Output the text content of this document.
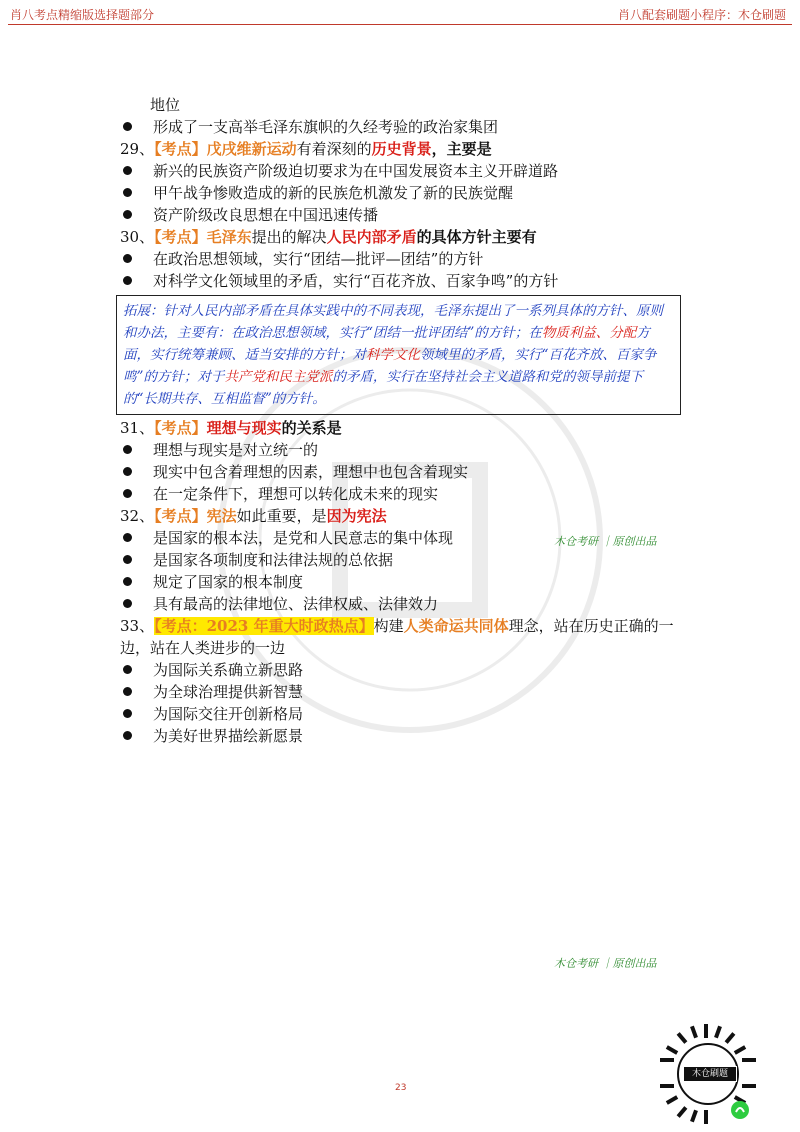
肖八考点精缩版选择题部分	肖八配套刷题小程序：木仓刷题
地位
形成了一支高举毛泽东旗帜的久经考验的政治家集团
29、【考点】戊戌维新运动有着深刻的历史背景，主要是
新兴的民族资产阶级迫切要求为在中国发展资本主义开辟道路
甲午战争惨败造成的新的民族危机激发了新的民族觉醒
资产阶级改良思想在中国迅速传播
30、【考点】毛泽东提出的解决人民内部矛盾的具体方针主要有
在政治思想领域，实行“团结—批评—团结”的方针
对科学文化领域里的矛盾，实行“百花齐放、百家争鸣”的方针
拓展：针对人民内部矛盾在具体实践中的不同表现，毛泽东提出了一系列具体的方针、原则和办法，主要有：在政治思想领域，实行“团结一批评团结”的方针；在物质利益、分配方面，实行统筹兼顾、适当安排的方针；对科学文化领域里的矛盾，实行“百花齐放、百家争鸣”的方针；对于共产党和民主党派的矛盾，实行在坚持社会主义道路和党的领导前提下的“长期共存、互相监督”的方针。
31、【考点】理想与现实的关系是
理想与现实是对立统一的
现实中包含着理想的因素，理想中也包含着现实
在一定条件下，理想可以转化成未来的现实
32、【考点】宪法如此重要，是因为宪法
是国家的根本法，是党和人民意志的集中体现
是国家各项制度和法律法规的总依据
规定了国家的根本制度
具有最高的法律地位、法律权威、法律效力
33、【考点：2023 年重大时政热点】构建人类命运共同体理念，站在历史正确的一边，站在人类进步的一边
为国际关系确立新思路
为全球治理提供新智慧
为国际交往开创新格局
为美好世界描绘新愿景
木仓考研 ｜原创出品
木仓考研 ｜原创出品
23
木仓刷题
